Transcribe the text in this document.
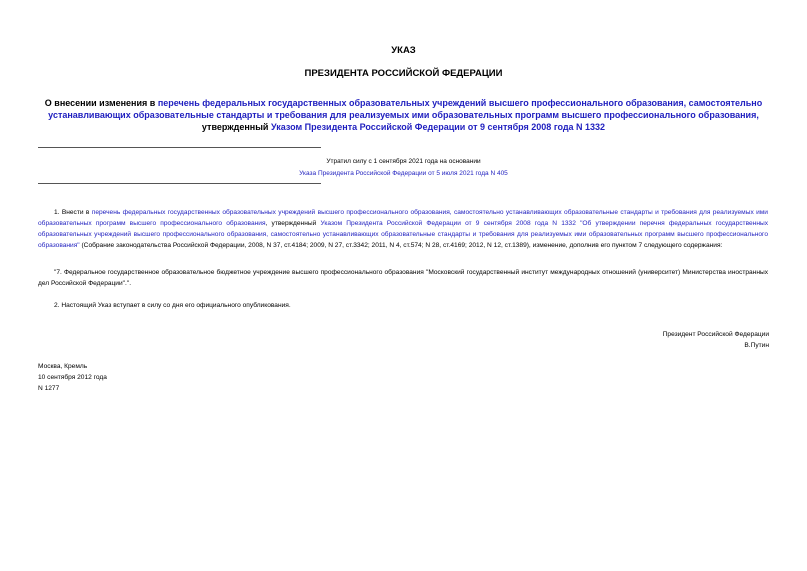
УКАЗ
ПРЕЗИДЕНТА РОССИЙСКОЙ ФЕДЕРАЦИИ
О внесении изменения в перечень федеральных государственных образовательных учреждений высшего профессионального образования, самостоятельно устанавливающих образовательные стандарты и требования для реализуемых ими образовательных программ высшего профессионального образования, утвержденный Указом Президента Российской Федерации от 9 сентября 2008 года N 1332
Утратил силу с 1 сентября 2021 года на основании
Указа Президента Российской Федерации от 5 июля 2021 года N 405
1. Внести в перечень федеральных государственных образовательных учреждений высшего профессионального образования, самостоятельно устанавливающих образовательные стандарты и требования для реализуемых ими образовательных программ высшего профессионального образования, утвержденный Указом Президента Российской Федерации от 9 сентября 2008 года N 1332 "Об утверждении перечня федеральных государственных образовательных учреждений высшего профессионального образования, самостоятельно устанавливающих образовательные стандарты и требования для реализуемых ими образовательных программ высшего профессионального образования" (Собрание законодательства Российской Федерации, 2008, N 37, ст.4184; 2009, N 27, ст.3342; 2011, N 4, ст.574; N 28, ст.4169; 2012, N 12, ст.1389), изменение, дополнив его пунктом 7 следующего содержания:
"7. Федеральное государственное образовательное бюджетное учреждение высшего профессионального образования "Московский государственный институт международных отношений (университет) Министерства иностранных дел Российской Федерации".".
2. Настоящий Указ вступает в силу со дня его официального опубликования.
Президент Российской Федерации
В.Путин
Москва, Кремль
10 сентября 2012 года
N 1277
